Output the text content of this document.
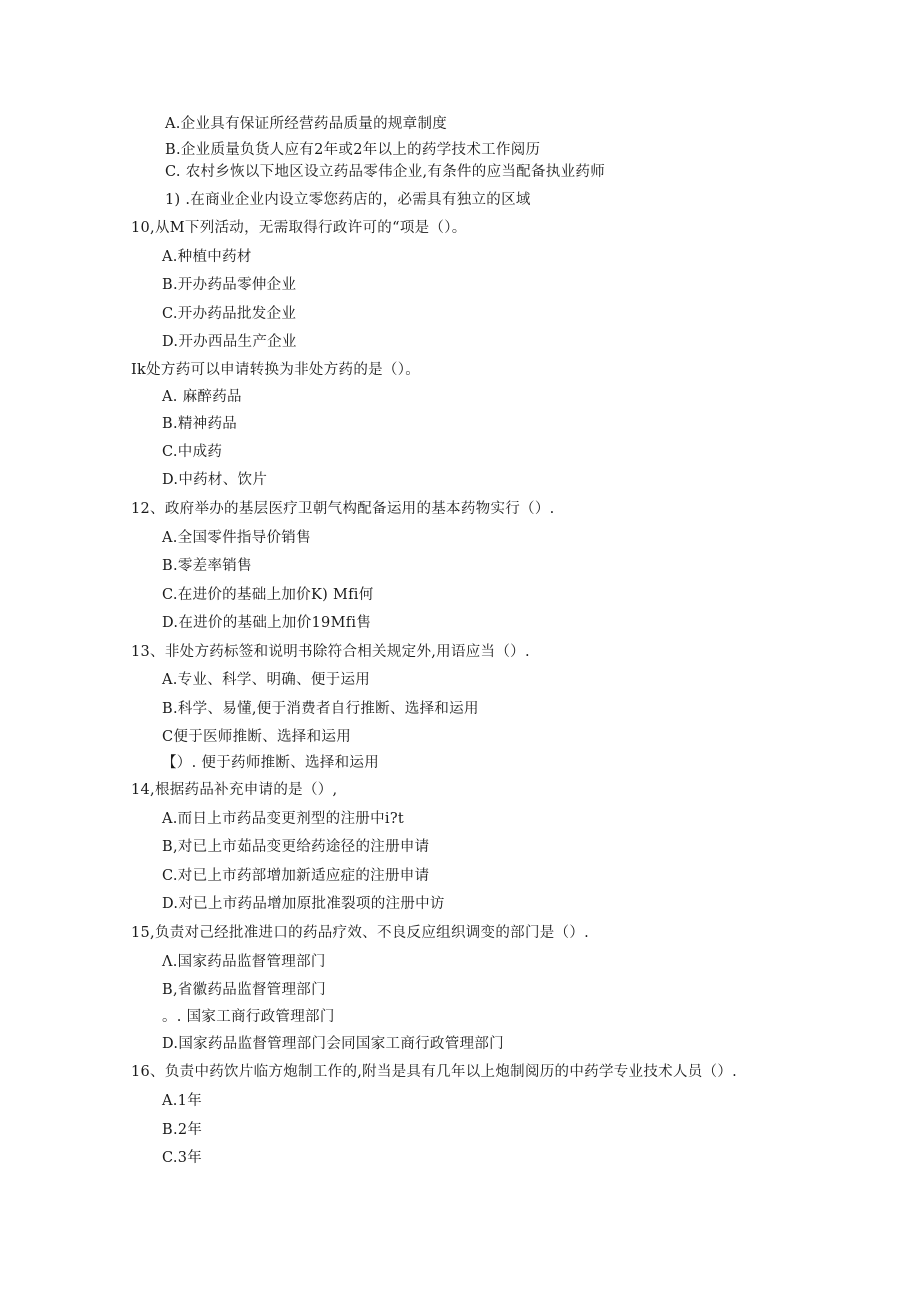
A.企业具有保证所经营药品质量的规章制度
B.企业质量负货人应有2年或2年以上的药学技术工作阅历
C. 农村乡恢以下地区设立药品零伟企业,有条件的应当配备执业药师
1) .在商业企业内设立零您药店的，必需具有独立的区域
10,从M下列活动，无需取得行政许可的“项是（）。
A.种植中药材
B.开办药品零伸企业
C.开办药品批发企业
D.开办西品生产企业
Ik处方药可以申请转换为非处方药的是（）。
A. 麻醉药品
B.精神药品
C.中成药
D.中药材、饮片
12、政府举办的基层医疗卫朝气构配备运用的基本药物实行（）.
A.全国零件指导价销售
B.零差率销售
C.在进价的基础上加价K) Mfi何
D.在进价的基础上加价19Mfi售
13、非处方药标签和说明书除符合相关规定外,用语应当（）.
A.专业、科学、明确、便于运用
B.科学、易懂,便于消费者自行推断、选择和运用
C便于医师推断、选择和运用
【）. 便于药师推断、选择和运用
14,根据药品补充申请的是（）,
A.而日上市药品变更剂型的注册中i?t
B,对已上市茹品变更给药途径的注册申请
C.对已上市药部增加新适应症的注册申请
D.对已上市药品增加原批准裂项的注册中访
15,负责对己经批准进口的药品疗效、不良反应组织调变的部门是（）.
Λ.国家药品监督管理部门
B,省徽药品监督管理部门
。. 国家工商行政管理部门
D.国家药品监督管理部门会同国家工商行政管理部门
16、负责中药饮片临方炮制工作的,附当是具有几年以上炮制阅历的中药学专业技术人员（）.
A.1年
B.2年
C.3年
